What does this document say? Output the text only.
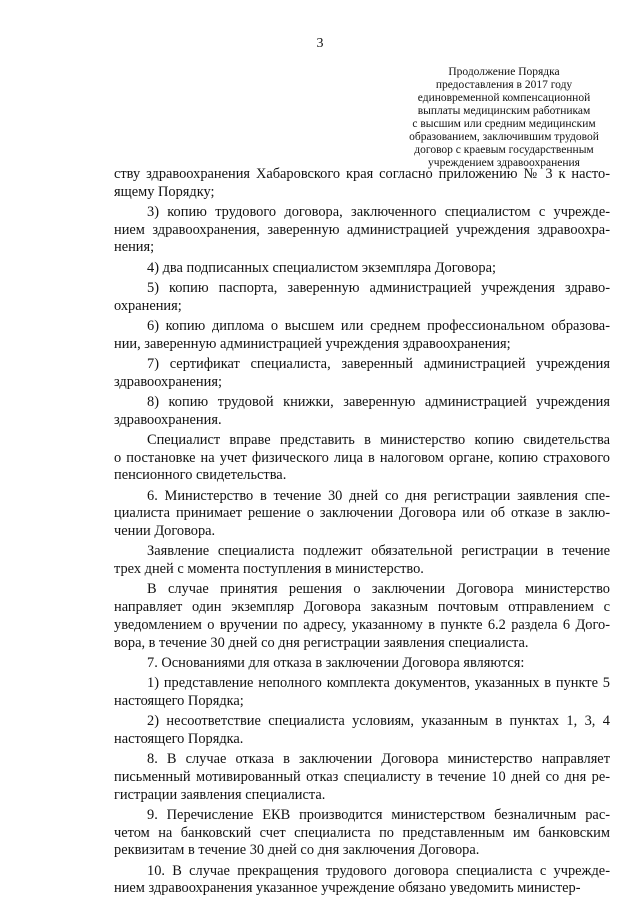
3
Продолжение Порядка
предоставления в 2017 году
единовременной компенсационной
выплаты медицинским работникам
с высшим или средним медицинским
образованием, заключившим трудовой
договор с краевым государственным
учреждением здравоохранения
ству здравоохранения Хабаровского края согласно приложению № 3 к насто-
ящему Порядку;
3) копию трудового договора, заключенного специалистом с учрежде-
нием здравоохранения, заверенную администрацией учреждения здравоохра-
нения;
4) два подписанных специалистом экземпляра Договора;
5) копию паспорта, заверенную администрацией учреждения здраво-
охранения;
6) копию диплома о высшем или среднем профессиональном образова-
нии, заверенную администрацией учреждения здравоохранения;
7) сертификат специалиста, заверенный администрацией учреждения
здравоохранения;
8) копию трудовой книжки, заверенную администрацией учреждения
здравоохранения.
Специалист вправе представить в министерство копию свидетельства
о постановке на учет физического лица в налоговом органе, копию страхового
пенсионного свидетельства.
6. Министерство в течение 30 дней со дня регистрации заявления спе-
циалиста принимает решение о заключении Договора или об отказе в заклю-
чении Договора.
Заявление специалиста подлежит обязательной регистрации в течение
трех дней с момента поступления в министерство.
В случае принятия решения о заключении Договора министерство
направляет один экземпляр Договора заказным почтовым отправлением с
уведомлением о вручении по адресу, указанному в пункте 6.2 раздела 6 Дого-
вора, в течение 30 дней со дня регистрации заявления специалиста.
7. Основаниями для отказа в заключении Договора являются:
1) представление неполного комплекта документов, указанных в пункте 5
настоящего Порядка;
2) несоответствие специалиста условиям, указанным в пунктах 1, 3, 4
настоящего Порядка.
8. В случае отказа в заключении Договора министерство направляет
письменный мотивированный отказ специалисту в течение 10 дней со дня ре-
гистрации заявления специалиста.
9. Перечисление ЕКВ производится министерством безналичным рас-
четом на банковский счет специалиста по представленным им банковским
реквизитам в течение 30 дней со дня заключения Договора.
10. В случае прекращения трудового договора специалиста с учрежде-
нием здравоохранения указанное учреждение обязано уведомить министер-
